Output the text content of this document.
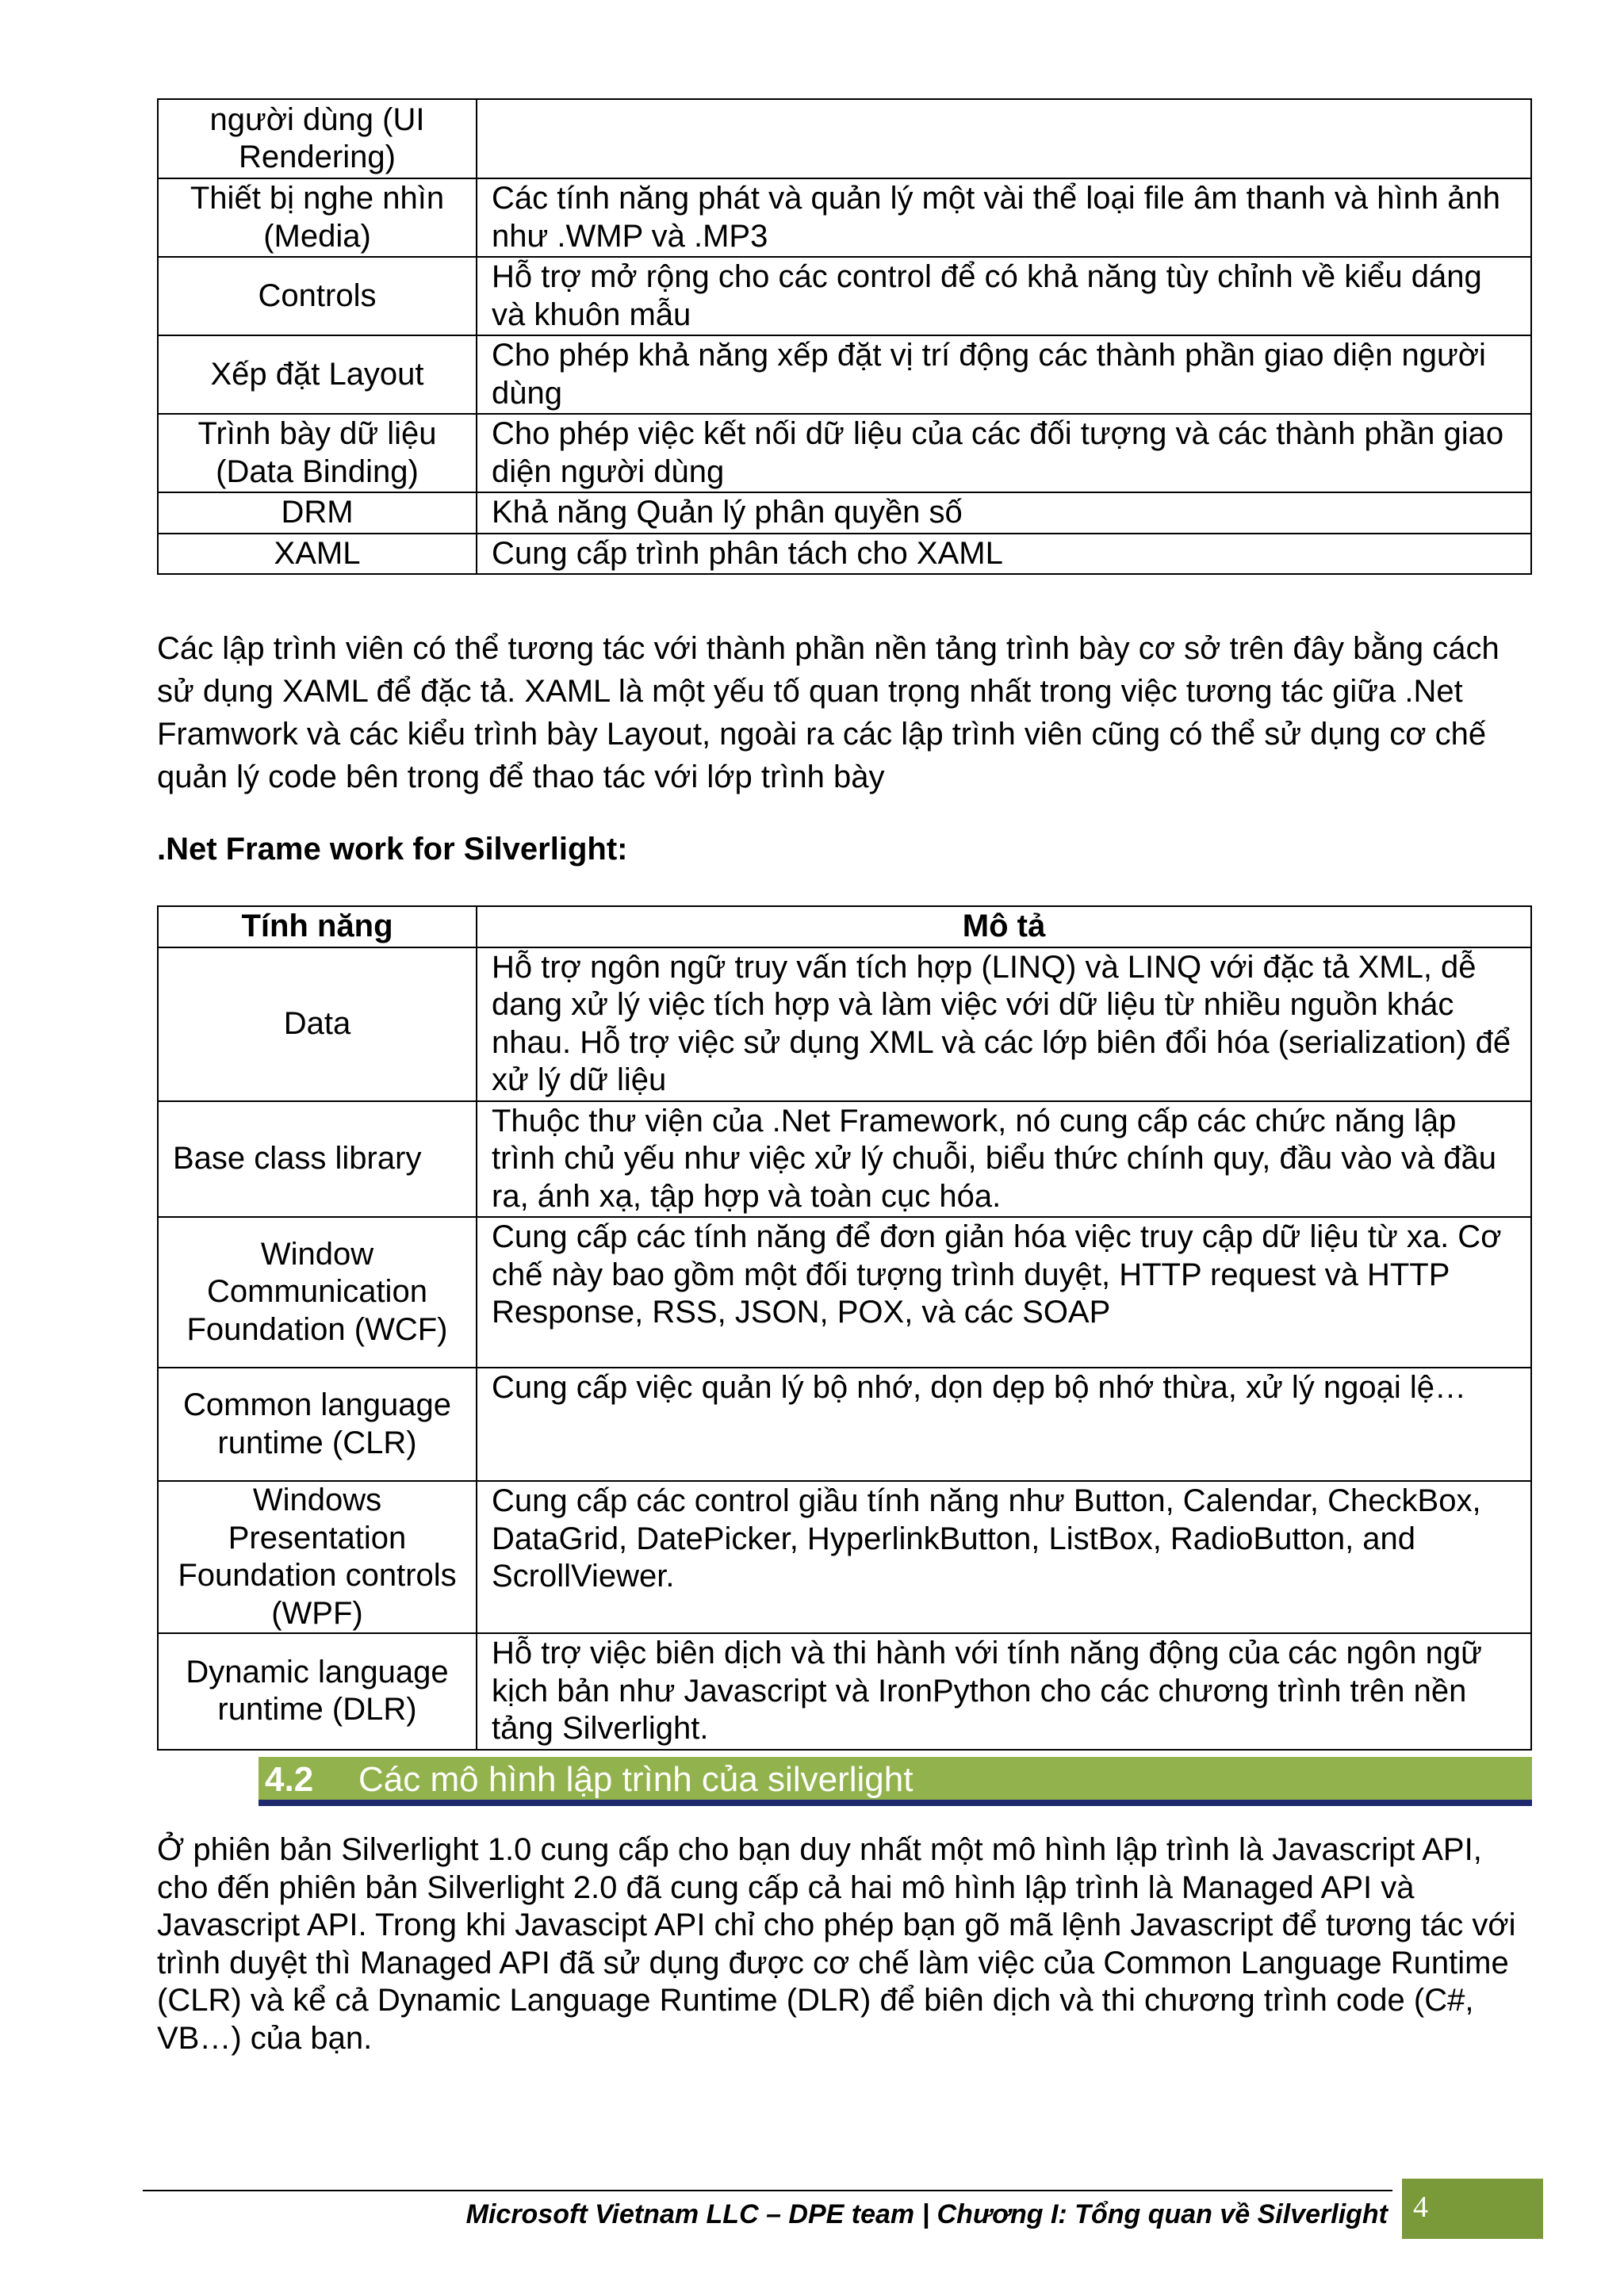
người dùng (UI Rendering)	
Thiết bị nghe nhìn (Media)	Các tính năng phát và quản lý một vài thể loại file âm thanh và hình ảnh như .WMP và .MP3
Controls	Hỗ trợ mở rộng cho các control để có khả năng tùy chỉnh về kiểu dáng và khuôn mẫu
Xếp đặt Layout	Cho phép khả năng xếp đặt vị trí động các thành phần giao diện người dùng
Trình bày dữ liệu (Data Binding)	Cho phép việc kết nối dữ liệu của các đối tượng và các thành phần giao diện người dùng
DRM	Khả năng Quản lý phân quyền số
XAML	Cung cấp trình phân tách cho XAML

Các lập trình viên có thể tương tác với thành phần nền tảng trình bày cơ sở trên đây bằng cách sử dụng XAML để đặc tả. XAML là một yếu tố quan trọng nhất trong việc tương tác giữa .Net Framwork và các kiểu trình bày Layout, ngoài ra các lập trình viên cũng có thể sử dụng cơ chế quản lý code bên trong để thao tác với lớp trình bày

.Net Frame work for Silverlight:

Tính năng	Mô tả
Data	Hỗ trợ ngôn ngữ truy vấn tích hợp (LINQ) và LINQ với đặc tả XML, dễ dang xử lý việc tích hợp và làm việc với dữ liệu từ nhiều nguồn khác nhau. Hỗ trợ việc sử dụng XML và các lớp biên đổi hóa (serialization) để xử lý dữ liệu
Base class library	Thuộc thư viện của .Net Framework, nó cung cấp các chức năng lập trình chủ yếu như việc xử lý chuỗi, biểu thức chính quy, đầu vào và đầu ra, ánh xạ, tập hợp và toàn cục hóa.
Window Communication Foundation (WCF)	Cung cấp các tính năng để đơn giản hóa việc truy cập dữ liệu từ xa. Cơ chế này bao gồm một đối tượng trình duyệt, HTTP request và HTTP Response, RSS, JSON, POX, và các SOAP
Common language runtime (CLR)	Cung cấp việc quản lý bộ nhớ, dọn dẹp bộ nhớ thừa, xử lý ngoại lệ…
Windows Presentation Foundation controls (WPF)	Cung cấp các control giầu tính năng như Button, Calendar, CheckBox, DataGrid, DatePicker, HyperlinkButton, ListBox, RadioButton, and ScrollViewer.
Dynamic language runtime (DLR)	Hỗ trợ việc biên dịch và thi hành với tính năng động của các ngôn ngữ kịch bản như Javascript và IronPython cho các chương trình trên nền tảng Silverlight.
4.2 Các mô hình lập trình của silverlight

Ở phiên bản Silverlight 1.0 cung cấp cho bạn duy nhất một mô hình lập trình là Javascript API, cho đến phiên bản Silverlight 2.0 đã cung cấp cả hai mô hình lập trình là Managed API và Javascript API. Trong khi Javascipt API chỉ cho phép bạn gõ mã lệnh Javascript để tương tác với trình duyệt thì Managed API đã sử dụng được cơ chế làm việc của Common Language Runtime (CLR) và kể cả Dynamic Language Runtime (DLR) để biên dịch và thi chương trình code (C#, VB…) của bạn.

Microsoft Vietnam LLC – DPE team | Chương I: Tổng quan về Silverlight 4
